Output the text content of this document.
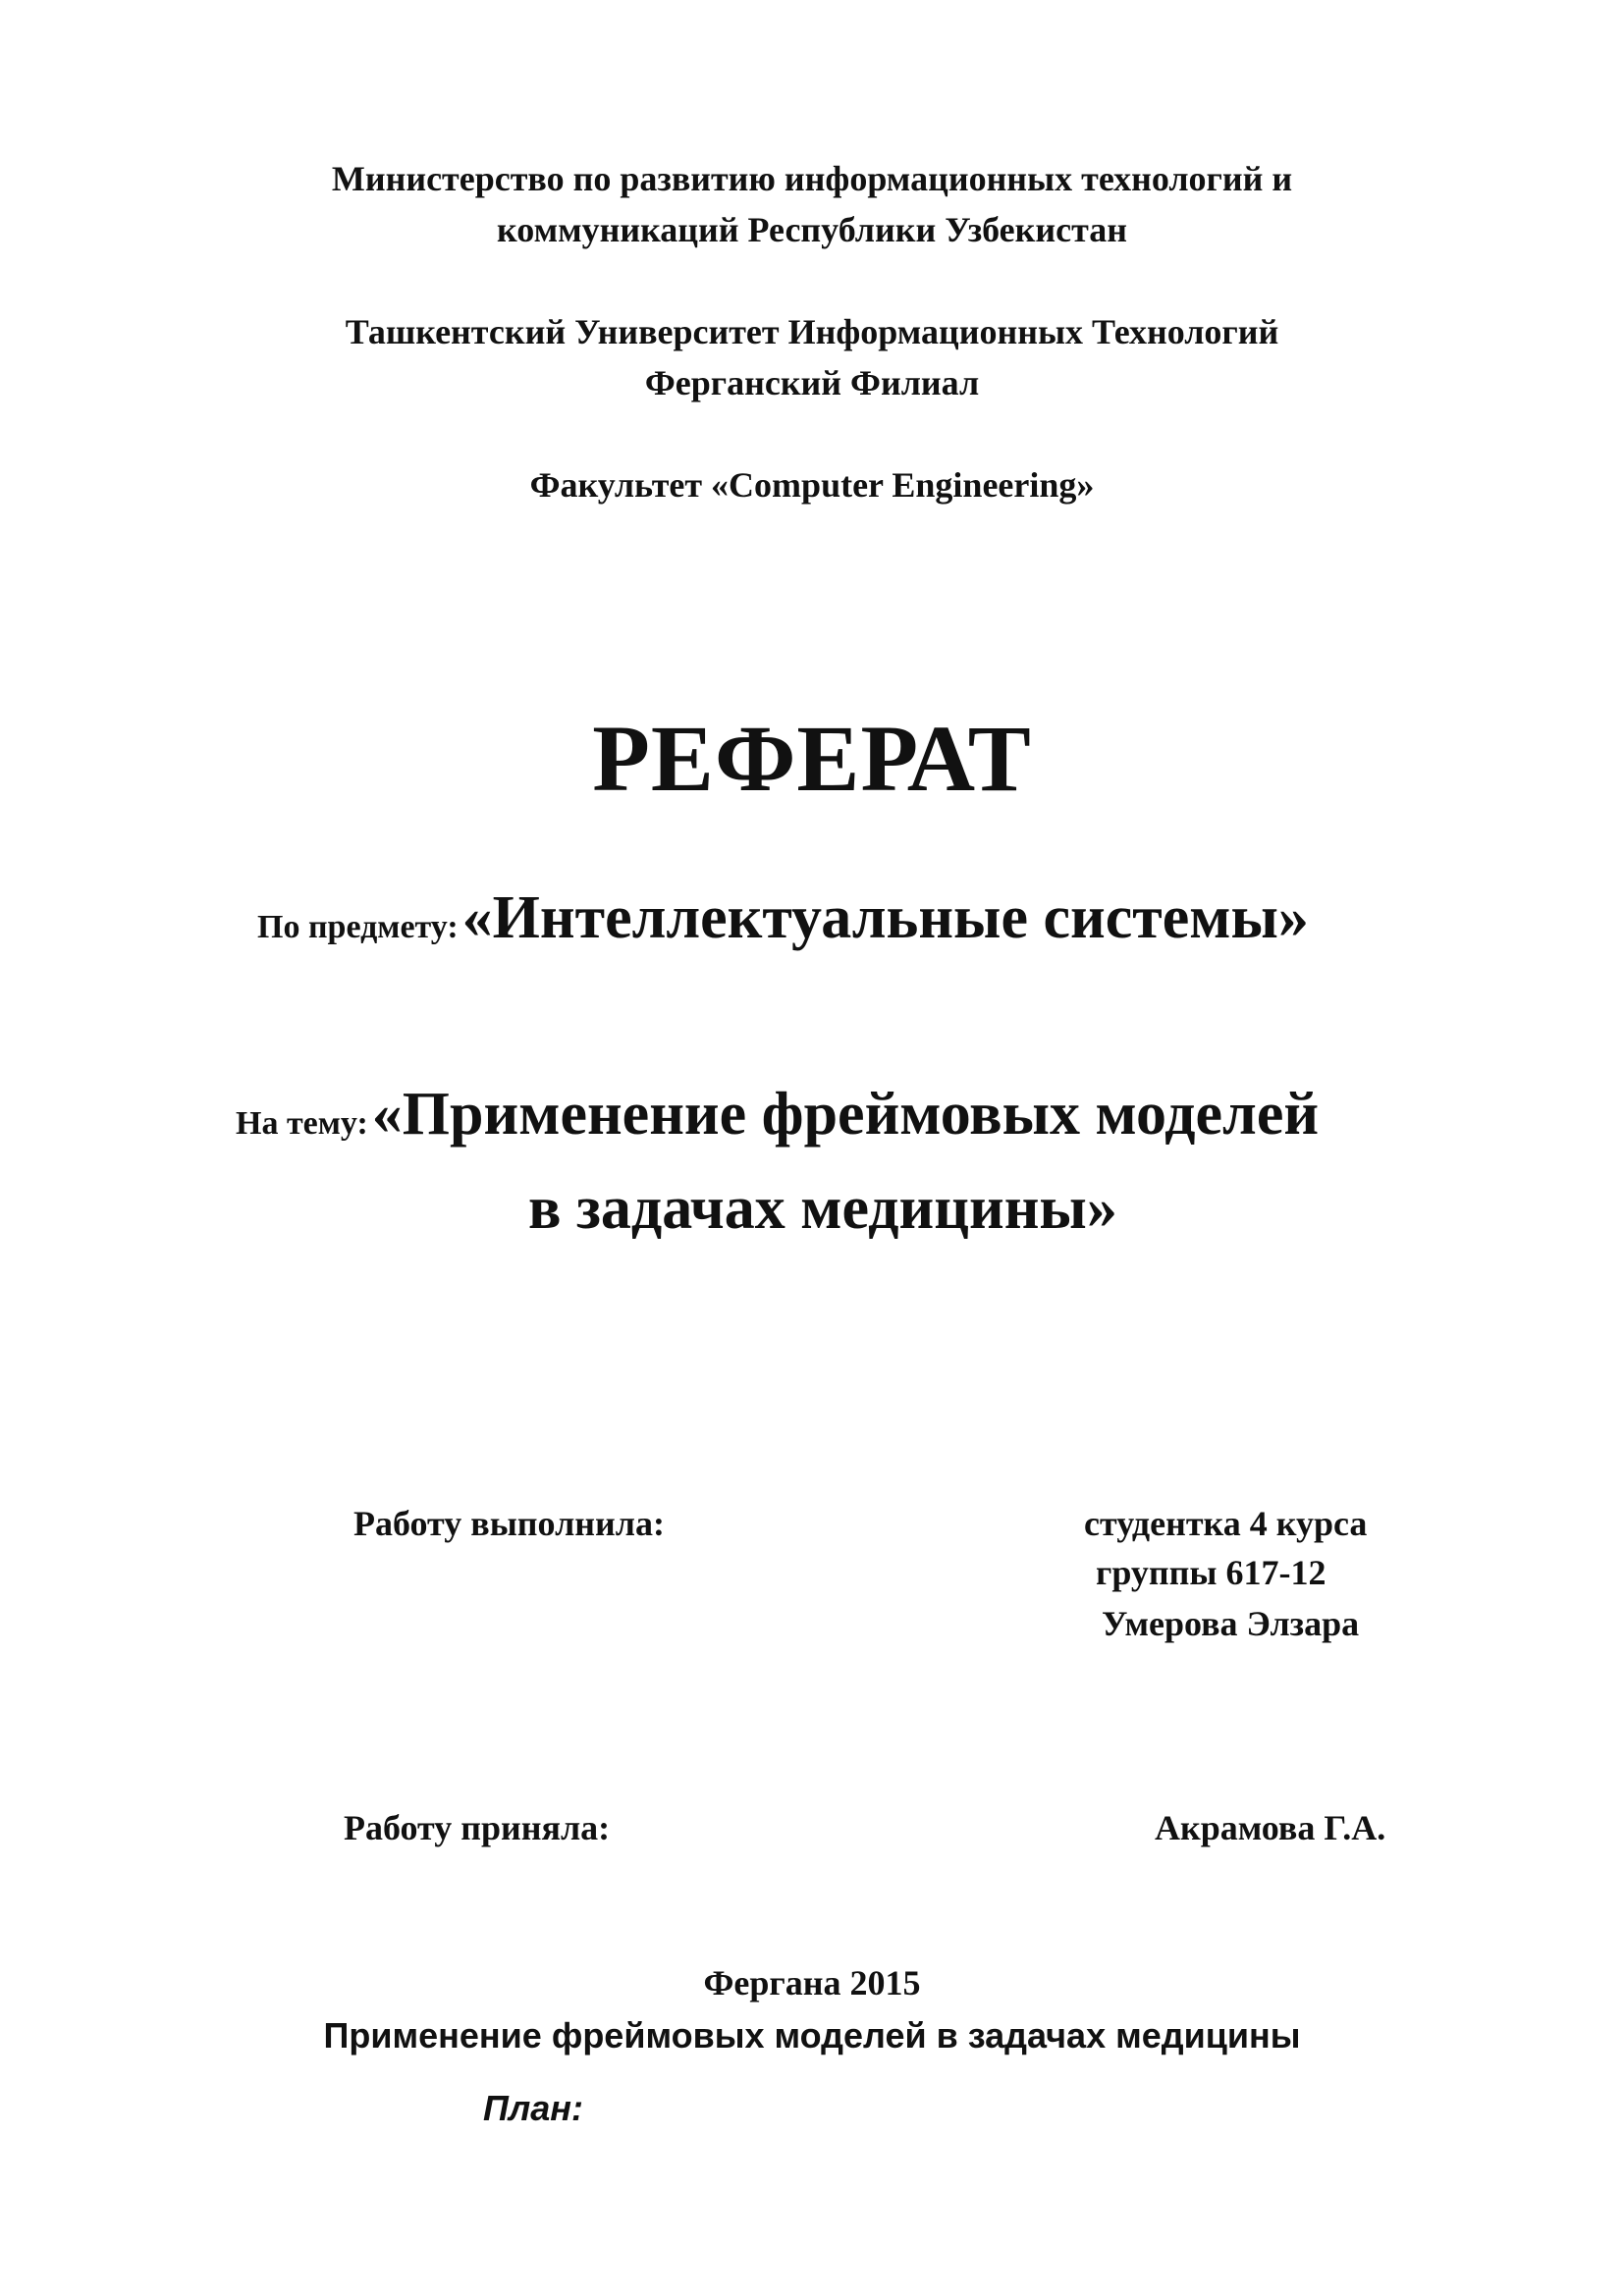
Министерство по развитию информационных технологий и
коммуникаций Республики Узбекистан
Ташкентский Университет Информационных Технологий
Ферганский Филиал
Факультет «Computer Engineering»
РЕФЕРАТ
По предмету: «Интеллектуальные системы»
На тему: «Применение фреймовых моделей
в задачах медицины»
Работу выполнила:	студентка 4 курса
группы 617-12
Умерова Элзара
Работу приняла:	Акрамова Г.А.
Фергана 2015
Применение фреймовых моделей в задачах медицины
План:
